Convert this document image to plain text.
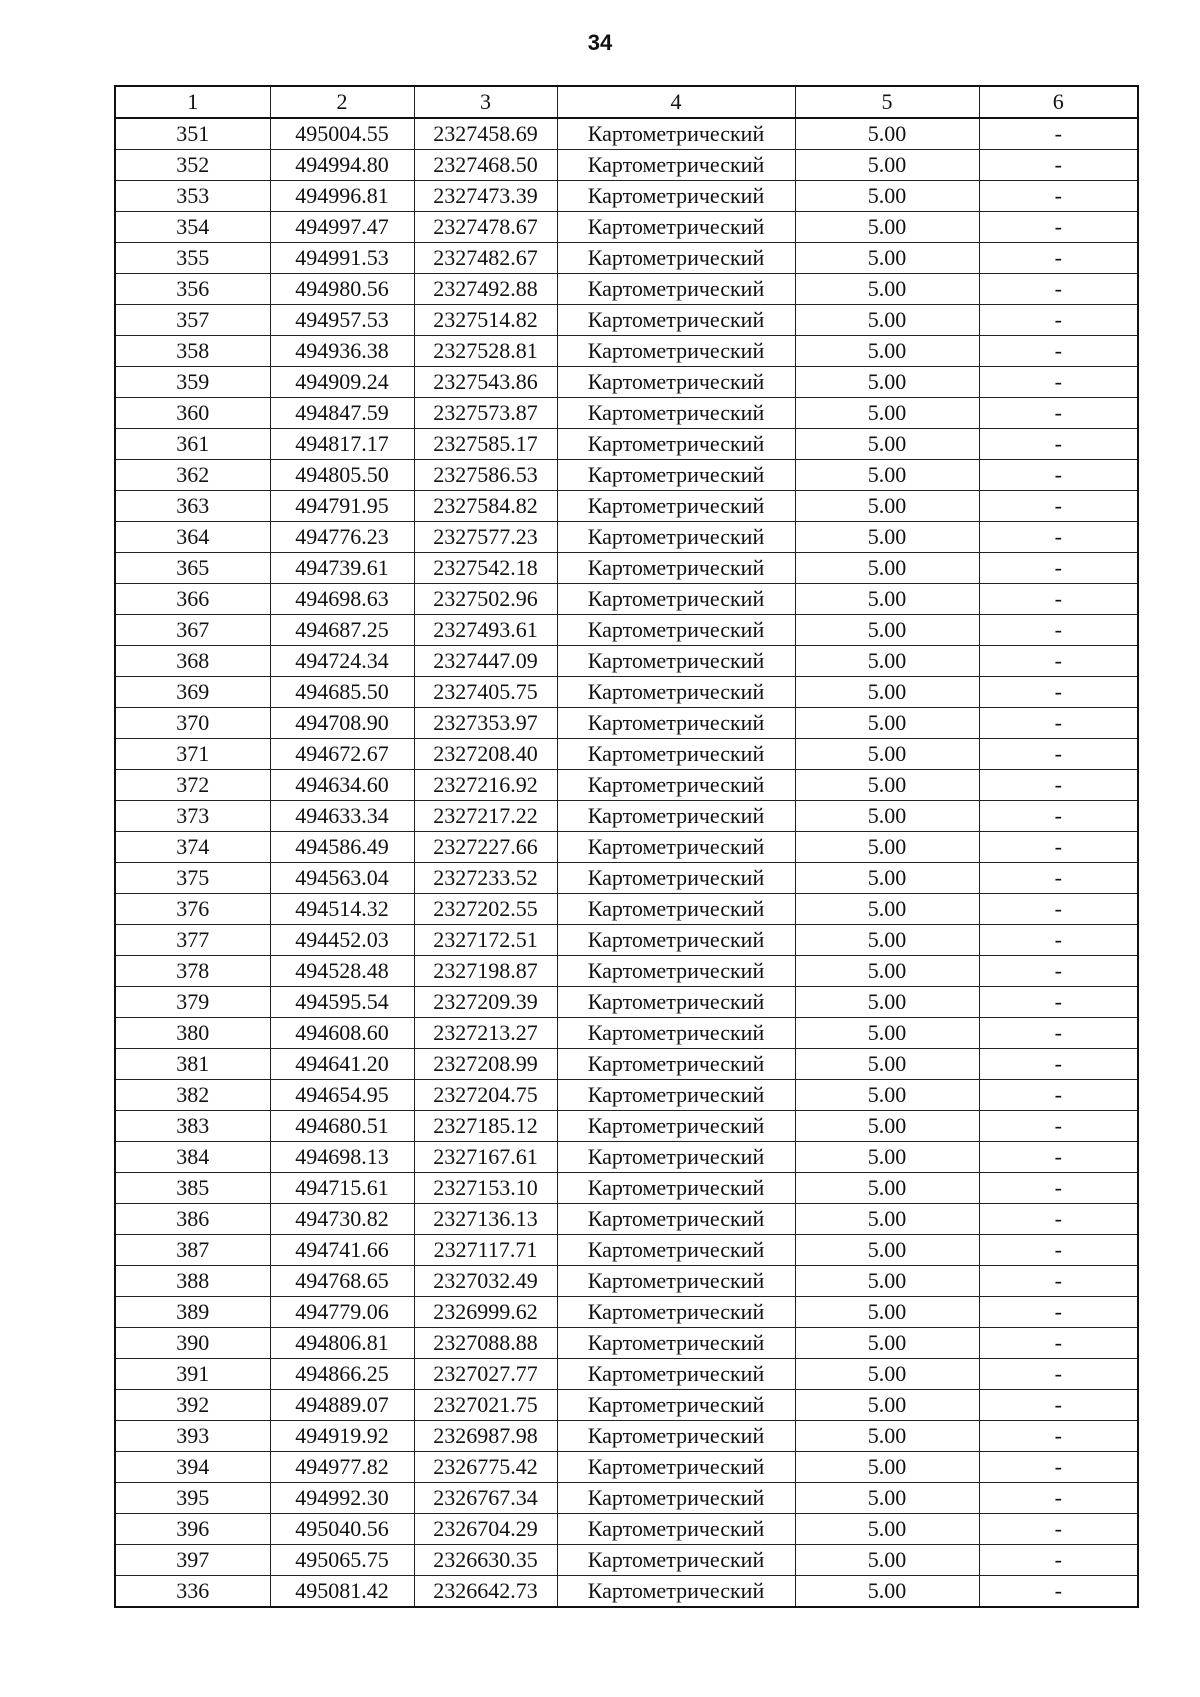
34
1	2	3	4	5	6
351	495004.55	2327458.69	Картометрический	5.00	-
352	494994.80	2327468.50	Картометрический	5.00	-
353	494996.81	2327473.39	Картометрический	5.00	-
354	494997.47	2327478.67	Картометрический	5.00	-
355	494991.53	2327482.67	Картометрический	5.00	-
356	494980.56	2327492.88	Картометрический	5.00	-
357	494957.53	2327514.82	Картометрический	5.00	-
358	494936.38	2327528.81	Картометрический	5.00	-
359	494909.24	2327543.86	Картометрический	5.00	-
360	494847.59	2327573.87	Картометрический	5.00	-
361	494817.17	2327585.17	Картометрический	5.00	-
362	494805.50	2327586.53	Картометрический	5.00	-
363	494791.95	2327584.82	Картометрический	5.00	-
364	494776.23	2327577.23	Картометрический	5.00	-
365	494739.61	2327542.18	Картометрический	5.00	-
366	494698.63	2327502.96	Картометрический	5.00	-
367	494687.25	2327493.61	Картометрический	5.00	-
368	494724.34	2327447.09	Картометрический	5.00	-
369	494685.50	2327405.75	Картометрический	5.00	-
370	494708.90	2327353.97	Картометрический	5.00	-
371	494672.67	2327208.40	Картометрический	5.00	-
372	494634.60	2327216.92	Картометрический	5.00	-
373	494633.34	2327217.22	Картометрический	5.00	-
374	494586.49	2327227.66	Картометрический	5.00	-
375	494563.04	2327233.52	Картометрический	5.00	-
376	494514.32	2327202.55	Картометрический	5.00	-
377	494452.03	2327172.51	Картометрический	5.00	-
378	494528.48	2327198.87	Картометрический	5.00	-
379	494595.54	2327209.39	Картометрический	5.00	-
380	494608.60	2327213.27	Картометрический	5.00	-
381	494641.20	2327208.99	Картометрический	5.00	-
382	494654.95	2327204.75	Картометрический	5.00	-
383	494680.51	2327185.12	Картометрический	5.00	-
384	494698.13	2327167.61	Картометрический	5.00	-
385	494715.61	2327153.10	Картометрический	5.00	-
386	494730.82	2327136.13	Картометрический	5.00	-
387	494741.66	2327117.71	Картометрический	5.00	-
388	494768.65	2327032.49	Картометрический	5.00	-
389	494779.06	2326999.62	Картометрический	5.00	-
390	494806.81	2327088.88	Картометрический	5.00	-
391	494866.25	2327027.77	Картометрический	5.00	-
392	494889.07	2327021.75	Картометрический	5.00	-
393	494919.92	2326987.98	Картометрический	5.00	-
394	494977.82	2326775.42	Картометрический	5.00	-
395	494992.30	2326767.34	Картометрический	5.00	-
396	495040.56	2326704.29	Картометрический	5.00	-
397	495065.75	2326630.35	Картометрический	5.00	-
336	495081.42	2326642.73	Картометрический	5.00	-
